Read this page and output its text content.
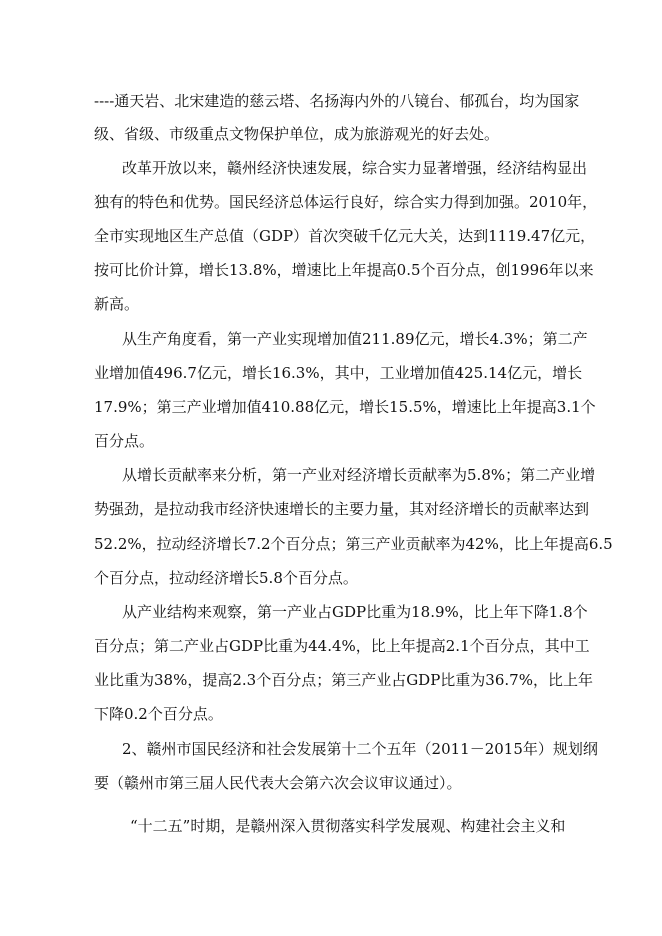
----通天岩、北宋建造的慈云塔、名扬海内外的八镜台、郁孤台，均为国家
级、省级、市级重点文物保护单位，成为旅游观光的好去处。
改革开放以来，赣州经济快速发展，综合实力显著增强，经济结构显出
独有的特色和优势。国民经济总体运行良好，综合实力得到加强。2010年，
全市实现地区生产总值（GDP）首次突破千亿元大关，达到1119.47亿元，
按可比价计算，增长13.8%，增速比上年提高0.5个百分点，创1996年以来
新高。
从生产角度看，第一产业实现增加值211.89亿元，增长4.3%；第二产
业增加值496.7亿元，增长16.3%，其中，工业增加值425.14亿元，增长
17.9%；第三产业增加值410.88亿元，增长15.5%，增速比上年提高3.1个
百分点。
从增长贡献率来分析，第一产业对经济增长贡献率为5.8%；第二产业增
势强劲，是拉动我市经济快速增长的主要力量，其对经济增长的贡献率达到
52.2%，拉动经济增长7.2个百分点；第三产业贡献率为42%，比上年提高6.5
个百分点，拉动经济增长5.8个百分点。
从产业结构来观察，第一产业占GDP比重为18.9%，比上年下降1.8个
百分点；第二产业占GDP比重为44.4%，比上年提高2.1个百分点，其中工
业比重为38%，提高2.3个百分点；第三产业占GDP比重为36.7%，比上年
下降0.2个百分点。
2、赣州市国民经济和社会发展第十二个五年（2011－2015年）规划纲
要（赣州市第三届人民代表大会第六次会议审议通过）。
“十二五”时期，是赣州深入贯彻落实科学发展观、构建社会主义和
